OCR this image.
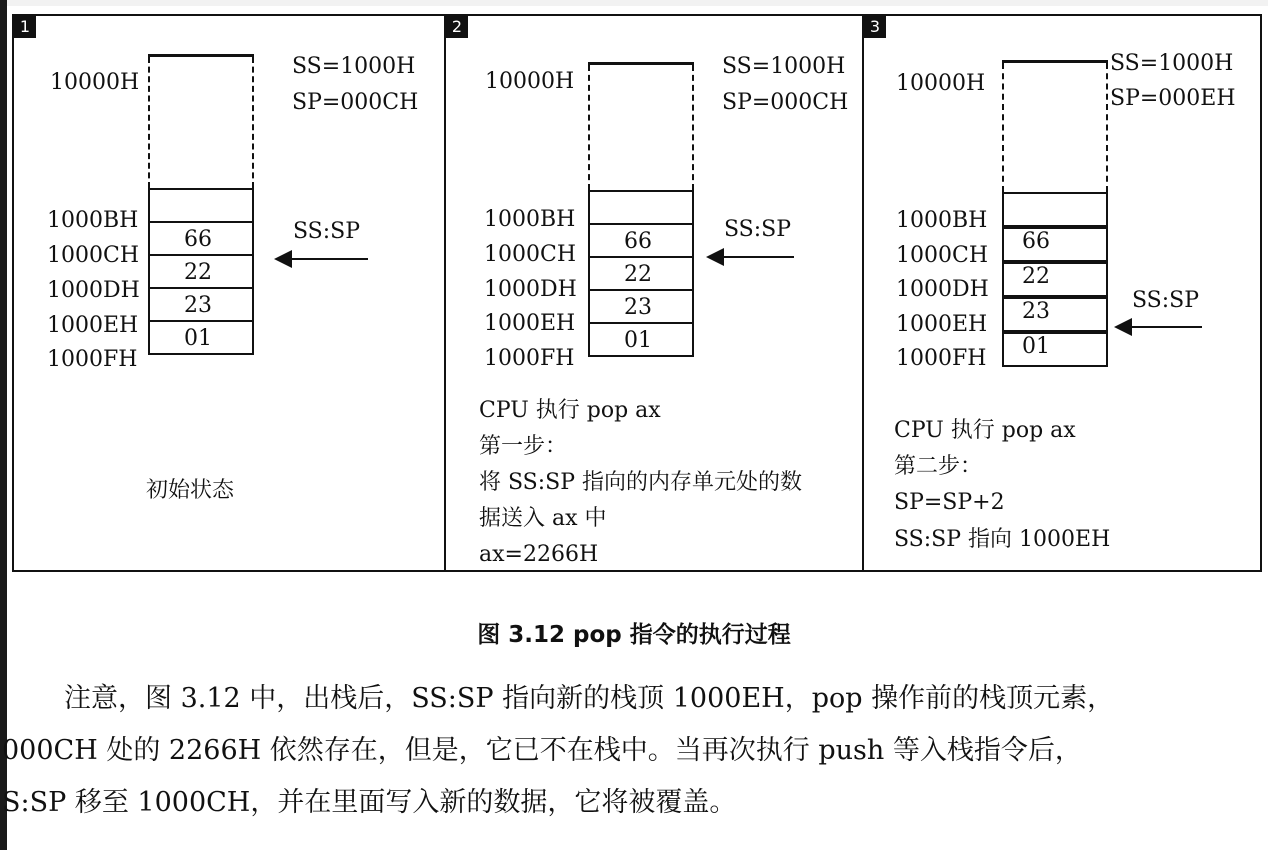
1
10000H
SS=1000H
SP=000CH
66
22
23
01
1000BH
1000CH
1000DH
1000EH
1000FH
SS:SP
初始状态
2
10000H
SS=1000H
SP=000CH
66
22
23
01
1000BH
1000CH
1000DH
1000EH
1000FH
SS:SP
CPU 执行 pop ax
第一步：
将 SS:SP 指向的内存单元处的数
据送入 ax 中
ax=2266H
3
10000H
SS=1000H
SP=000EH
66
22
23
01
1000BH
1000CH
1000DH
1000EH
1000FH
SS:SP
CPU 执行 pop ax
第二步：
SP=SP+2
SS:SP 指向 1000EH
图 3.12 pop 指令的执行过程
注意，图 3.12 中，出栈后，SS:SP 指向新的栈顶 1000EH，pop 操作前的栈顶元素，
000CH 处的 2266H 依然存在，但是，它已不在栈中。当再次执行 push 等入栈指令后，
S:SP 移至 1000CH，并在里面写入新的数据，它将被覆盖。
